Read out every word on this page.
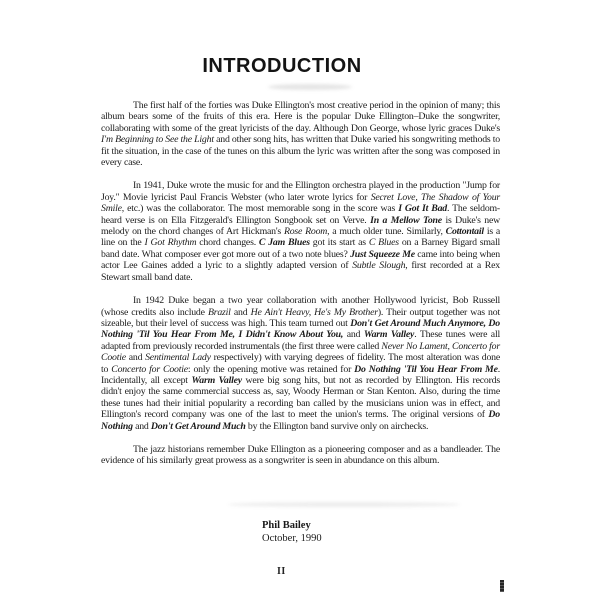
INTRODUCTION

The first half of the forties was Duke Ellington's most creative period in the opinion of many; this album bears some of the fruits of this era. Here is the popular Duke Ellington–Duke the songwriter, collaborating with some of the great lyricists of the day. Although Don George, whose lyric graces Duke's I'm Beginning to See the Light and other song hits, has written that Duke varied his songwriting methods to fit the situation, in the case of the tunes on this album the lyric was written after the song was composed in every case.

In 1941, Duke wrote the music for and the Ellington orchestra played in the production "Jump for Joy." Movie lyricist Paul Francis Webster (who later wrote lyrics for Secret Love, The Shadow of Your Smile, etc.) was the collaborator. The most memorable song in the score was I Got It Bad. The seldom-heard verse is on Ella Fitzgerald's Ellington Songbook set on Verve. In a Mellow Tone is Duke's new melody on the chord changes of Art Hickman's Rose Room, a much older tune. Similarly, Cottontail is a line on the I Got Rhythm chord changes. C Jam Blues got its start as C Blues on a Barney Bigard small band date. What composer ever got more out of a two note blues? Just Squeeze Me came into being when actor Lee Gaines added a lyric to a slightly adapted version of Subtle Slough, first recorded at a Rex Stewart small band date.

In 1942 Duke began a two year collaboration with another Hollywood lyricist, Bob Russell (whose credits also include Brazil and He Ain't Heavy, He's My Brother). Their output together was not sizeable, but their level of success was high. This team turned out Don't Get Around Much Anymore, Do Nothing 'Til You Hear From Me, I Didn't Know About You, and Warm Valley. These tunes were all adapted from previously recorded instrumentals (the first three were called Never No Lament, Concerto for Cootie and Sentimental Lady respectively) with varying degrees of fidelity. The most alteration was done to Concerto for Cootie: only the opening motive was retained for Do Nothing 'Til You Hear From Me. Incidentally, all except Warm Valley were big song hits, but not as recorded by Ellington. His records didn't enjoy the same commercial success as, say, Woody Herman or Stan Kenton. Also, during the time these tunes had their initial popularity a recording ban called by the musicians union was in effect, and Ellington's record company was one of the last to meet the union's terms. The original versions of Do Nothing and Don't Get Around Much by the Ellington band survive only on airchecks.

The jazz historians remember Duke Ellington as a pioneering composer and as a bandleader. The evidence of his similarly great prowess as a songwriter is seen in abundance on this album.

Phil Bailey
October, 1990
II
